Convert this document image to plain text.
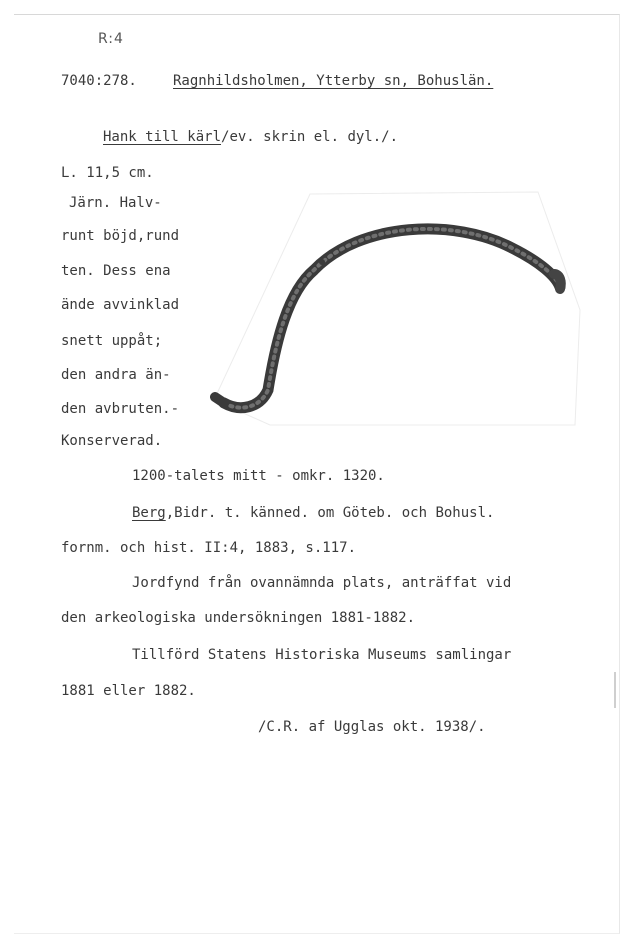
R:4
7040:278.	Ragnhildsholmen, Ytterby sn, Bohuslän.
Hank till kärl/ev. skrin el. dyl./.
L. 11,5 cm.
Järn. Halv-
runt böjd,rund
ten. Dess ena
ände avvinklad
snett uppåt;
den andra än-
den avbruten.-
Konserverad.
1200-talets mitt - omkr. 1320.
Berg,Bidr. t. känned. om Göteb. och Bohusl.
fornm. och hist. II:4, 1883, s.117.
Jordfynd från ovannämnda plats, anträffat vid
den arkeologiska undersökningen 1881-1882.
Tillförd Statens Historiska Museums samlingar
1881 eller 1882.
/C.R. af Ugglas okt. 1938/.
